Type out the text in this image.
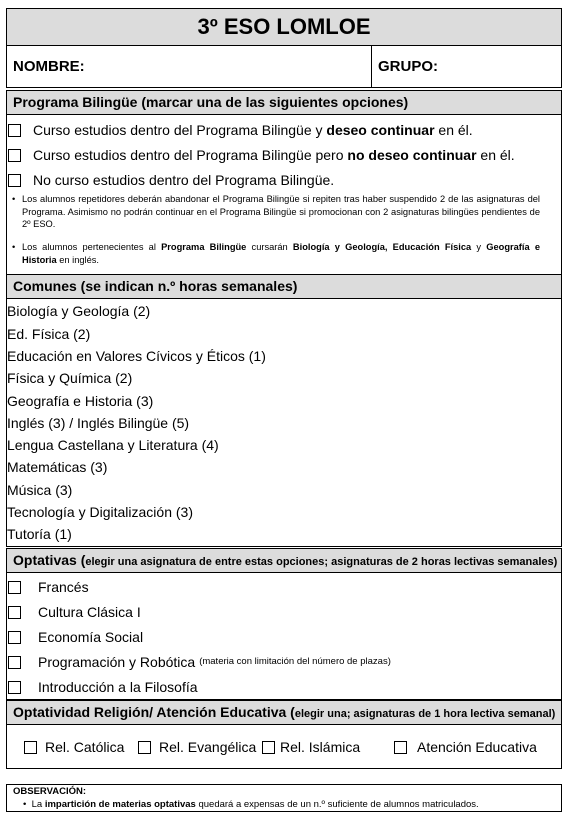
3º ESO LOMLOE
NOMBRE:	GRUPO:
Programa Bilingüe (marcar una de las siguientes opciones)
Curso estudios dentro del Programa Bilingüe y deseo continuar en él.
Curso estudios dentro del Programa Bilingüe pero no deseo continuar en él.
No curso estudios dentro del Programa Bilingüe.
• Los alumnos repetidores deberán abandonar el Programa Bilingüe si repiten tras haber suspendido 2 de las asignaturas del Programa. Asimismo no podrán continuar en el Programa Bilingüe si promocionan con 2 asignaturas bilingües pendientes de 2º ESO.
• Los alumnos pertenecientes al Programa Bilingüe cursarán Biología y Geología, Educación Física y Geografía e Historia en inglés.
Comunes (se indican n.º horas semanales)
Biología y Geología (2)
Ed. Física (2)
Educación en Valores Cívicos y Éticos (1)
Física y Química (2)
Geografía e Historia (3)
Inglés (3) / Inglés Bilingüe (5)
Lengua Castellana y Literatura (4)
Matemáticas (3)
Música (3)
Tecnología y Digitalización (3)
Tutoría (1)
Optativas (elegir una asignatura de entre estas opciones; asignaturas de 2 horas lectivas semanales)
Francés
Cultura Clásica I
Economía Social
Programación y Robótica (materia con limitación del número de plazas)
Introducción a la Filosofía
Optatividad Religión/ Atención Educativa (elegir una; asignaturas de 1 hora lectiva semanal)
Rel. Católica Rel. Evangélica Rel. Islámica	Atención Educativa
OBSERVACIÓN:
• La impartición de materias optativas quedará a expensas de un n.º suficiente de alumnos matriculados.
